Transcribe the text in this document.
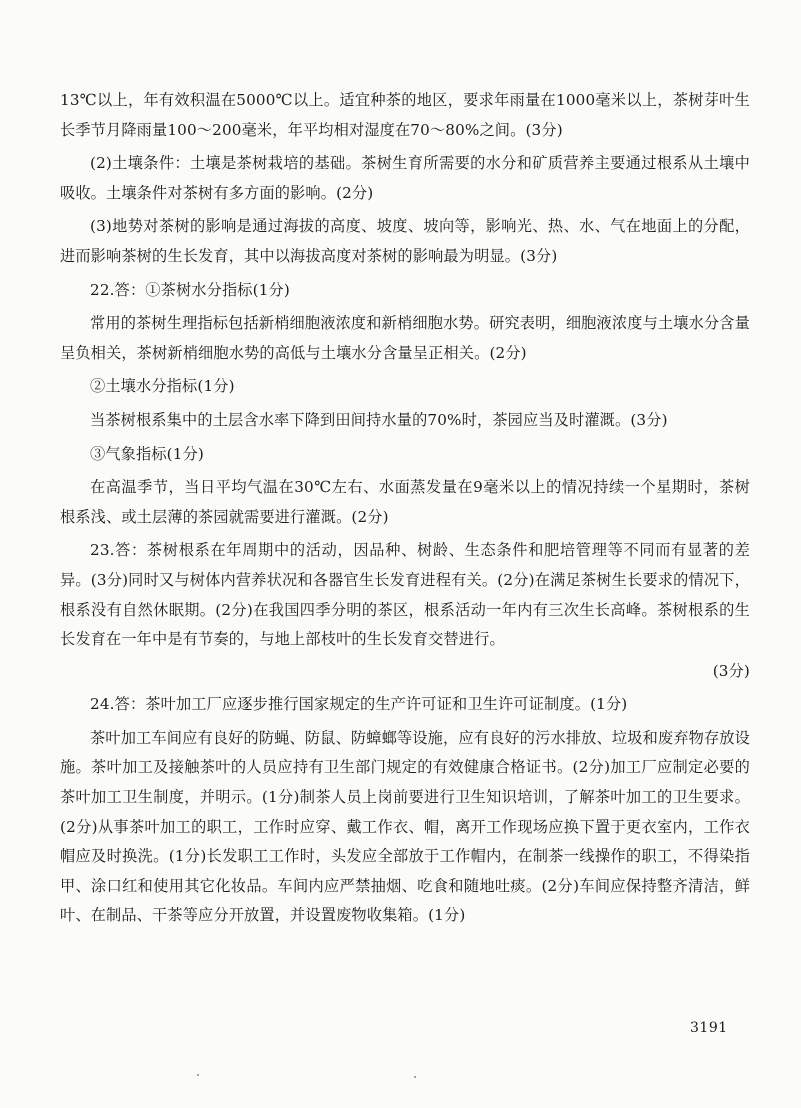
13℃以上，年有效积温在5000℃以上。适宜种茶的地区，要求年雨量在1000毫米以上，茶树芽叶生长季节月降雨量100～200毫米，年平均相对湿度在70～80%之间。(3分)

(2)土壤条件：土壤是茶树栽培的基础。茶树生育所需要的水分和矿质营养主要通过根系从土壤中吸收。土壤条件对茶树有多方面的影响。(2分)

(3)地势对茶树的影响是通过海拔的高度、坡度、坡向等，影响光、热、水、气在地面上的分配，进而影响茶树的生长发育，其中以海拔高度对茶树的影响最为明显。(3分)

22.答：①茶树水分指标(1分)

常用的茶树生理指标包括新梢细胞液浓度和新梢细胞水势。研究表明，细胞液浓度与土壤水分含量呈负相关，茶树新梢细胞水势的高低与土壤水分含量呈正相关。(2分)

②土壤水分指标(1分)

当茶树根系集中的土层含水率下降到田间持水量的70%时，茶园应当及时灌溉。(3分)

③气象指标(1分)

在高温季节，当日平均气温在30℃左右、水面蒸发量在9毫米以上的情况持续一个星期时，茶树根系浅、或土层薄的茶园就需要进行灌溉。(2分)

23.答：茶树根系在年周期中的活动，因品种、树龄、生态条件和肥培管理等不同而有显著的差异。(3分)同时又与树体内营养状况和各器官生长发育进程有关。(2分)在满足茶树生长要求的情况下，根系没有自然休眠期。(2分)在我国四季分明的茶区，根系活动一年内有三次生长高峰。茶树根系的生长发育在一年中是有节奏的，与地上部枝叶的生长发育交替进行。

(3分)

24.答：茶叶加工厂应逐步推行国家规定的生产许可证和卫生许可证制度。(1分)

茶叶加工车间应有良好的防蝇、防鼠、防蟑螂等设施，应有良好的污水排放、垃圾和废弃物存放设施。茶叶加工及接触茶叶的人员应持有卫生部门规定的有效健康合格证书。(2分)加工厂应制定必要的茶叶加工卫生制度，并明示。(1分)制茶人员上岗前要进行卫生知识培训，了解茶叶加工的卫生要求。(2分)从事茶叶加工的职工，工作时应穿、戴工作衣、帽，离开工作现场应换下置于更衣室内，工作衣帽应及时换洗。(1分)长发职工工作时，头发应全部放于工作帽内，在制茶一线操作的职工，不得染指甲、涂口红和使用其它化妆品。车间内应严禁抽烟、吃食和随地吐痰。(2分)车间应保持整齐清洁，鲜叶、在制品、干茶等应分开放置，并设置废物收集箱。(1分)

3191
